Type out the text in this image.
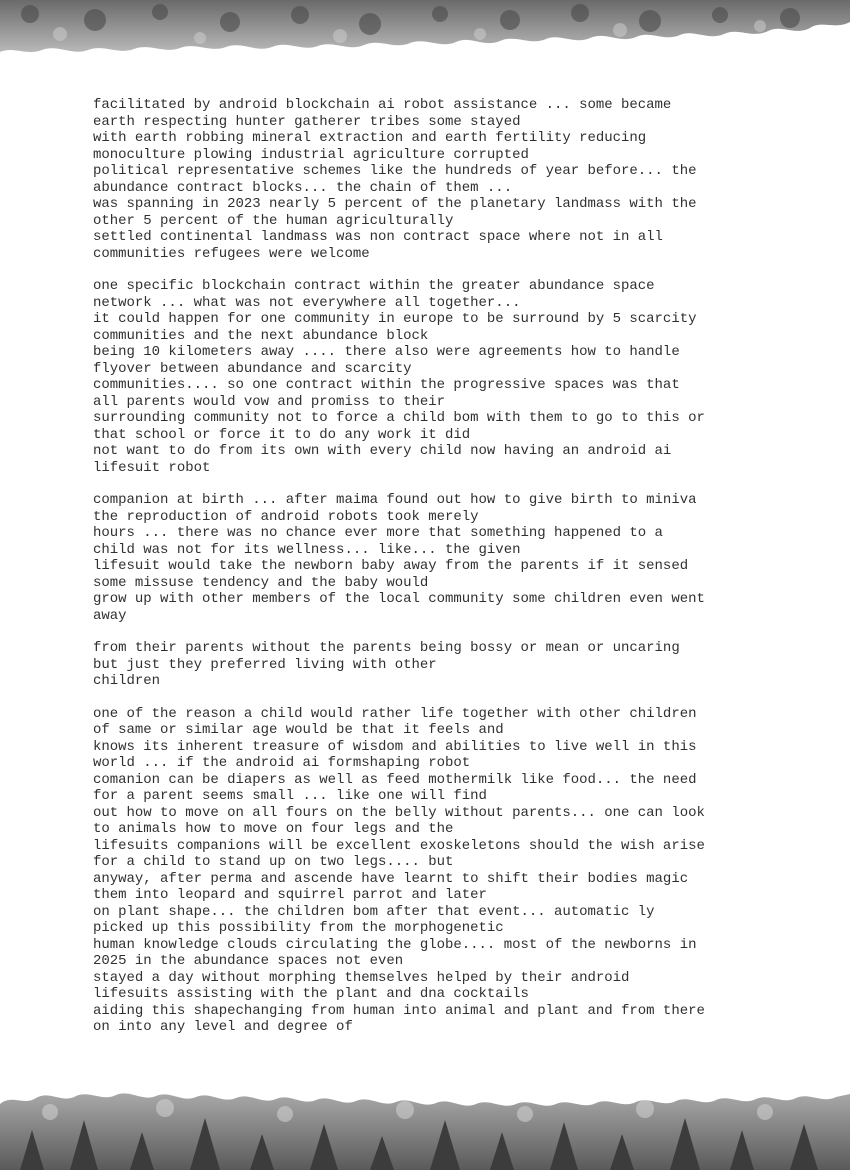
facilitated by android blockchain ai robot assistance ... some became
earth respecting hunter gatherer tribes some stayed
with earth robbing mineral extraction and earth fertility reducing
monoculture plowing industrial agriculture corrupted
political representative schemes like the hundreds of year before... the
abundance contract blocks... the chain of them ...
was spanning in 2023 nearly 5 percent of the planetary landmass with the
other 5 percent of the human agriculturally
settled continental landmass was non contract space where not in all
communities refugees were welcome
one specific blockchain contract within the greater abundance space
network ... what was not everywhere all together...
it could happen for one community in europe to be surround by 5 scarcity
communities and the next abundance block
being 10 kilometers away .... there also were agreements how to handle
flyover between abundance and scarcity
communities.... so one contract within the progressive spaces was that
all parents would vow and promiss to their
surrounding community not to force a child bom with them to go to this or
that school or force it to do any work it did
not want to do from its own with every child now having an android ai
lifesuit robot
companion at birth ... after maima found out how to give birth to miniva
the reproduction of android robots took merely
hours ... there was no chance ever more that something happened to a
child was not for its wellness... like... the given
lifesuit would take the newborn baby away from the parents if it sensed
some missuse tendency and the baby would
grow up with other members of the local community some children even went
away
from their parents without the parents being bossy or mean or uncaring
but just they preferred living with other
children
one of the reason a child would rather life together with other children
of same or similar age would be that it feels and
knows its inherent treasure of wisdom and abilities to live well in this
world ... if the android ai formshaping robot
comanion can be diapers as well as feed mothermilk like food... the need
for a parent seems small ... like one will find
out how to move on all fours on the belly without parents... one can look
to animals how to move on four legs and the
lifesuits companions will be excellent exoskeletons should the wish arise
for a child to stand up on two legs.... but
anyway, after perma and ascende have learnt to shift their bodies magic
them into leopard and squirrel parrot and later
on plant shape... the children bom after that event... automatic ly
picked up this possibility from the morphogenetic
human knowledge clouds circulating the globe.... most of the newborns in
2025 in the abundance spaces not even
stayed a day without morphing themselves helped by their android
lifesuits assisting with the plant and dna cocktails
aiding this shapechanging from human into animal and plant and from there
on into any level and degree of
